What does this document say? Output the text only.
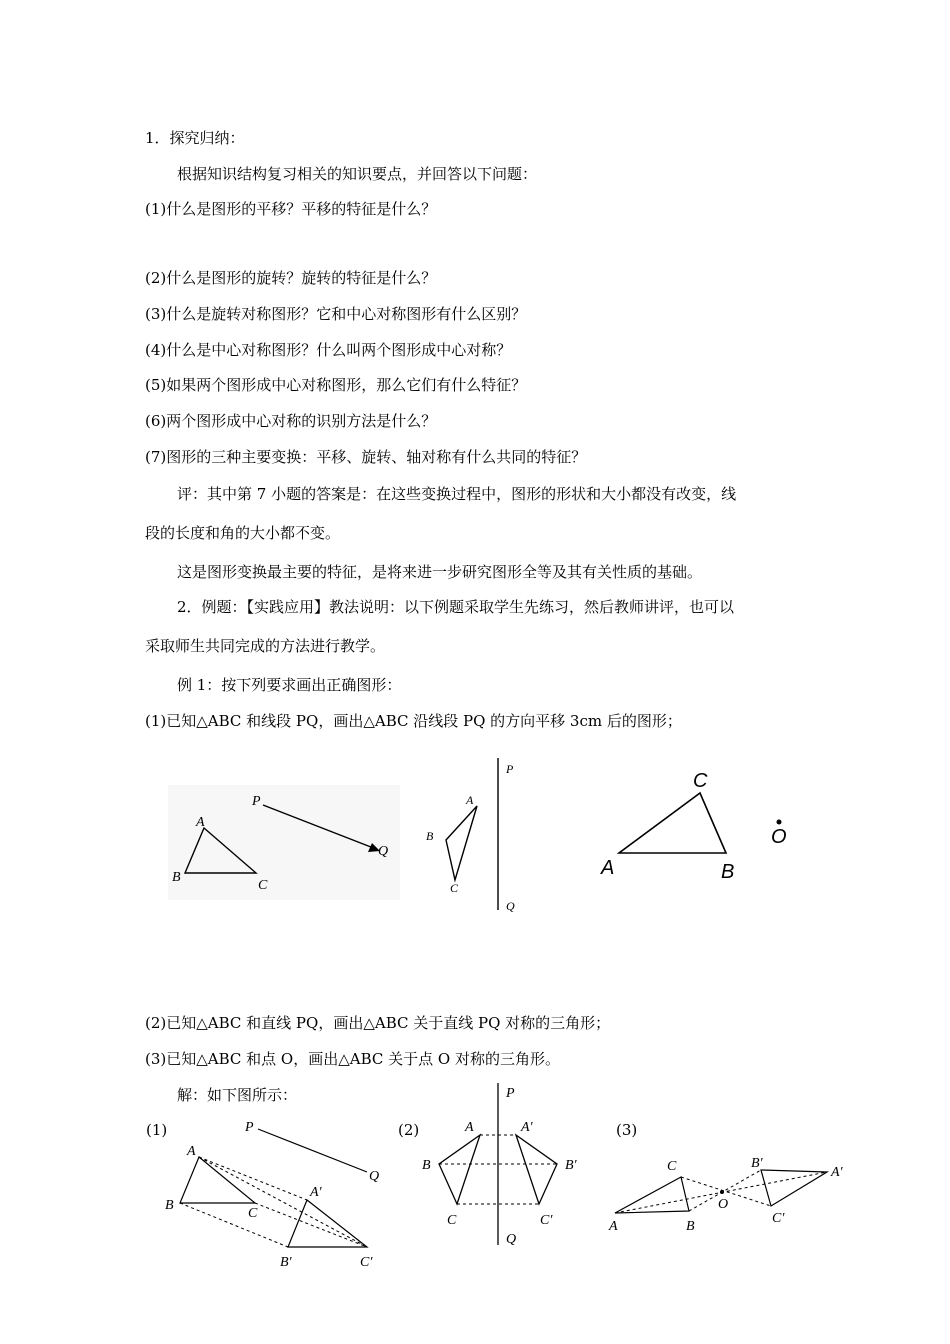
1．探究归纳：
根据知识结构复习相关的知识要点，并回答以下问题：
(1)什么是图形的平移？平移的特征是什么？
(2)什么是图形的旋转？旋转的特征是什么？
(3)什么是旋转对称图形？它和中心对称图形有什么区别？
(4)什么是中心对称图形？什么叫两个图形成中心对称？
(5)如果两个图形成中心对称图形，那么它们有什么特征？
(6)两个图形成中心对称的识别方法是什么？
(7)图形的三种主要变换：平移、旋转、轴对称有什么共同的特征？
评：其中第 7 小题的答案是：在这些变换过程中，图形的形状和大小都没有改变，线
段的长度和角的大小都不变。
这是图形变换最主要的特征，是将来进一步研究图形全等及其有关性质的基础。
2．例题：【实践应用】教法说明：以下例题采取学生先练习，然后教师讲评，也可以
采取师生共同完成的方法进行教学。
例 1：按下列要求画出正确图形：
(1)已知△ABC 和线段 PQ，画出△ABC 沿线段 PQ 的方向平移 3cm 后的图形；
P
Q
A
B
C
P
Q
A
B
C
C
A	B
O
(2)已知△ABC 和直线 PQ，画出△ABC 关于直线 PQ 对称的三角形；
(3)已知△ABC 和点 O，画出△ABC 关于点 O 对称的三角形。
解：如下图所示：
(1)	P
Q
A
B
C
A′
B′	C′
(2)
P
Q
A
B
C
A′
B′
C′
(3)
C
A	B
O
B′
A′
C′
